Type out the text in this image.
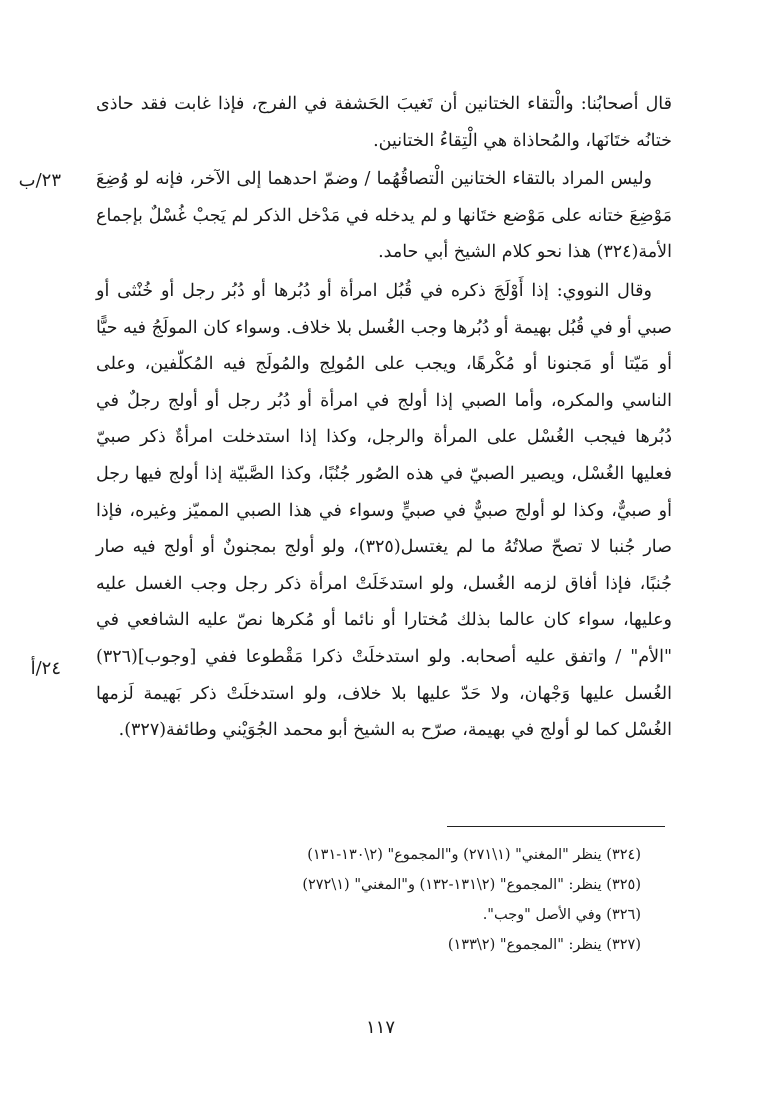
قال أصحابُنا: والْتقاء الختانين أن تَغيبَ الحَشفة في الفرج، فإذا غابت فقد حاذى ختانُه ختَانَها، والمُحاذاة هي الْتِقاءُ الختانين.

وليس المراد بالتقاء الختانين الْتصاقُهُما / وضمّ احدهما إلى الآخر، فإنه لو وُضِعَ مَوْضِعَ ختانه على مَوْضع ختَانها و لم يدخله في مَدْخل الذكر لم يَجبْ غُسْلٌ بإجماع الأمة(٣٢٤) هذا نحو كلام الشيخ أبي حامد.

وقال النووي: إذا أَوْلَجَ ذكره في قُبُل امرأة أو دُبُرها أو دُبُر رجل أو خُنْثى أو صبي أو في قُبُل بهيمة أو دُبُرها وجب الغُسل بلا خلاف. وسواء كان المولَجُ فيه حيًّا أو مَيّتا أو مَجنونا أو مُكْرهًا، ويجب على المُولِج والمُولَج فيه المُكلّفين، وعلى الناسي والمكره، وأما الصبي إذا أولج في امرأة أو دُبُر رجل أو أولج رجلٌ في دُبُرها فيجب الغُسْل على المرأة والرجل، وكذا إذا استدخلت امرأةٌ ذكر صبيّ فعليها الغُسْل، ويصير الصبيّ في هذه الصُور جُنُبًا، وكذا الصَّبيّة إذا أولج فيها رجل أو صبيٌّ، وكذا لو أولج صبيٌّ في صبيٍّ وسواء في هذا الصبي المميّز وغيره، فإذا صار جُنبا لا تصحّ صلاتُهُ ما لم يغتسل(٣٢٥)، ولو أولج بمجنونٌ أو أولج فيه صار جُنبًا، فإذا أفاق لزمه الغُسل، ولو استدخَلَتْ امرأة ذكر رجل وجب الغسل عليه وعليها، سواء كان عالما بذلك مُختارا أو نائما أو مُكرها نصّ عليه الشافعي في "الأم" / واتفق عليه أصحابه. ولو استدخلَتْ ذكرا مَقْطوعا ففي [وجوب](٣٢٦) الغُسل عليها وَجْهان، ولا حَدّ عليها بلا خلاف، ولو استدخلَتْ ذكر بَهيمة لَزمها الغُسْل كما لو أولج في بهيمة، صرّح به الشيخ أبو محمد الجُوَيْني وطائفة(٣٢٧).

٢٣/ب
٢٤/أ
(٣٢٤) ينظر "المغني" (١\٢٧١) و"المجموع" (٢\١٣٠-١٣١)
(٣٢٥) ينظر: "المجموع" (٢\١٣١-١٣٢) و"المغني" (١\٢٧٢)
(٣٢٦) وفي الأصل "وجب".
(٣٢٧) ينظر: "المجموع" (٢\١٣٣)
١١٧
